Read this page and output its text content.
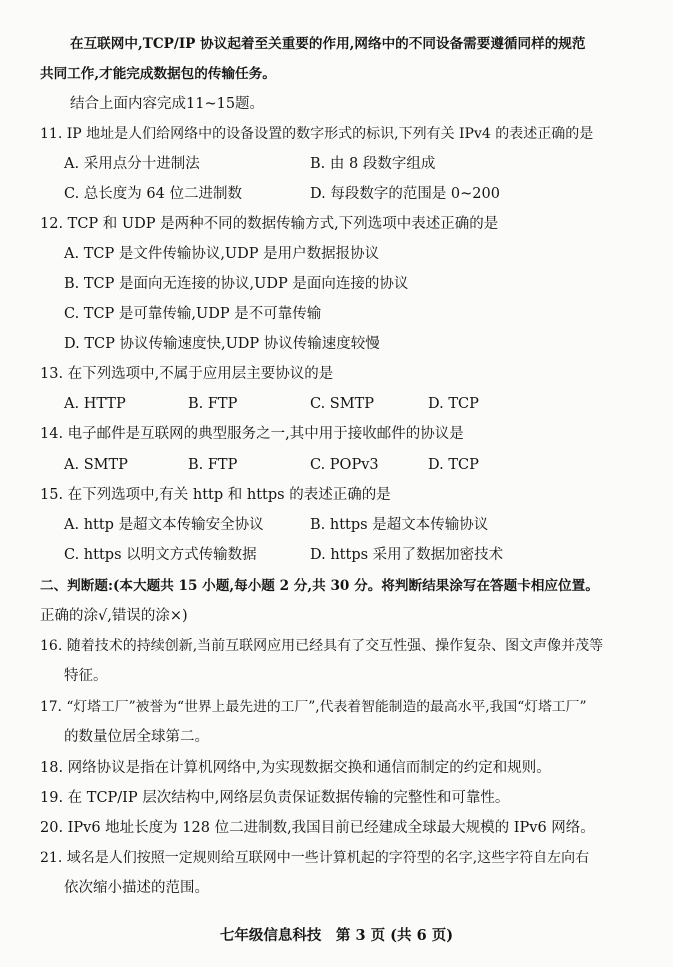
在互联网中,TCP/IP 协议起着至关重要的作用,网络中的不同设备需要遵循同样的规范
共同工作,才能完成数据包的传输任务。
结合上面内容完成11~15题。
11. IP 地址是人们给网络中的设备设置的数字形式的标识,下列有关 IPv4 的表述正确的是
A. 采用点分十进制法	B. 由 8 段数字组成
C. 总长度为 64 位二进制数	D. 每段数字的范围是 0~200
12. TCP 和 UDP 是两种不同的数据传输方式,下列选项中表述正确的是
A. TCP 是文件传输协议,UDP 是用户数据报协议
B. TCP 是面向无连接的协议,UDP 是面向连接的协议
C. TCP 是可靠传输,UDP 是不可靠传输
D. TCP 协议传输速度快,UDP 协议传输速度较慢
13. 在下列选项中,不属于应用层主要协议的是
A. HTTP	B. FTP	C. SMTP	D. TCP
14. 电子邮件是互联网的典型服务之一,其中用于接收邮件的协议是
A. SMTP	B. FTP	C. POPv3	D. TCP
15. 在下列选项中,有关 http 和 https 的表述正确的是
A. http 是超文本传输安全协议	B. https 是超文本传输协议
C. https 以明文方式传输数据	D. https 采用了数据加密技术
二、判断题:(本大题共 15 小题,每小题 2 分,共 30 分。将判断结果涂写在答题卡相应位置。
正确的涂√,错误的涂×)
16. 随着技术的持续创新,当前互联网应用已经具有了交互性强、操作复杂、图文声像并茂等
特征。
17. “灯塔工厂”被誉为“世界上最先进的工厂”,代表着智能制造的最高水平,我国“灯塔工厂”
的数量位居全球第二。
18. 网络协议是指在计算机网络中,为实现数据交换和通信而制定的约定和规则。
19. 在 TCP/IP 层次结构中,网络层负责保证数据传输的完整性和可靠性。
20. IPv6 地址长度为 128 位二进制数,我国目前已经建成全球最大规模的 IPv6 网络。
21. 域名是人们按照一定规则给互联网中一些计算机起的字符型的名字,这些字符自左向右
依次缩小描述的范围。
七年级信息科技　第 3 页 (共 6 页)
